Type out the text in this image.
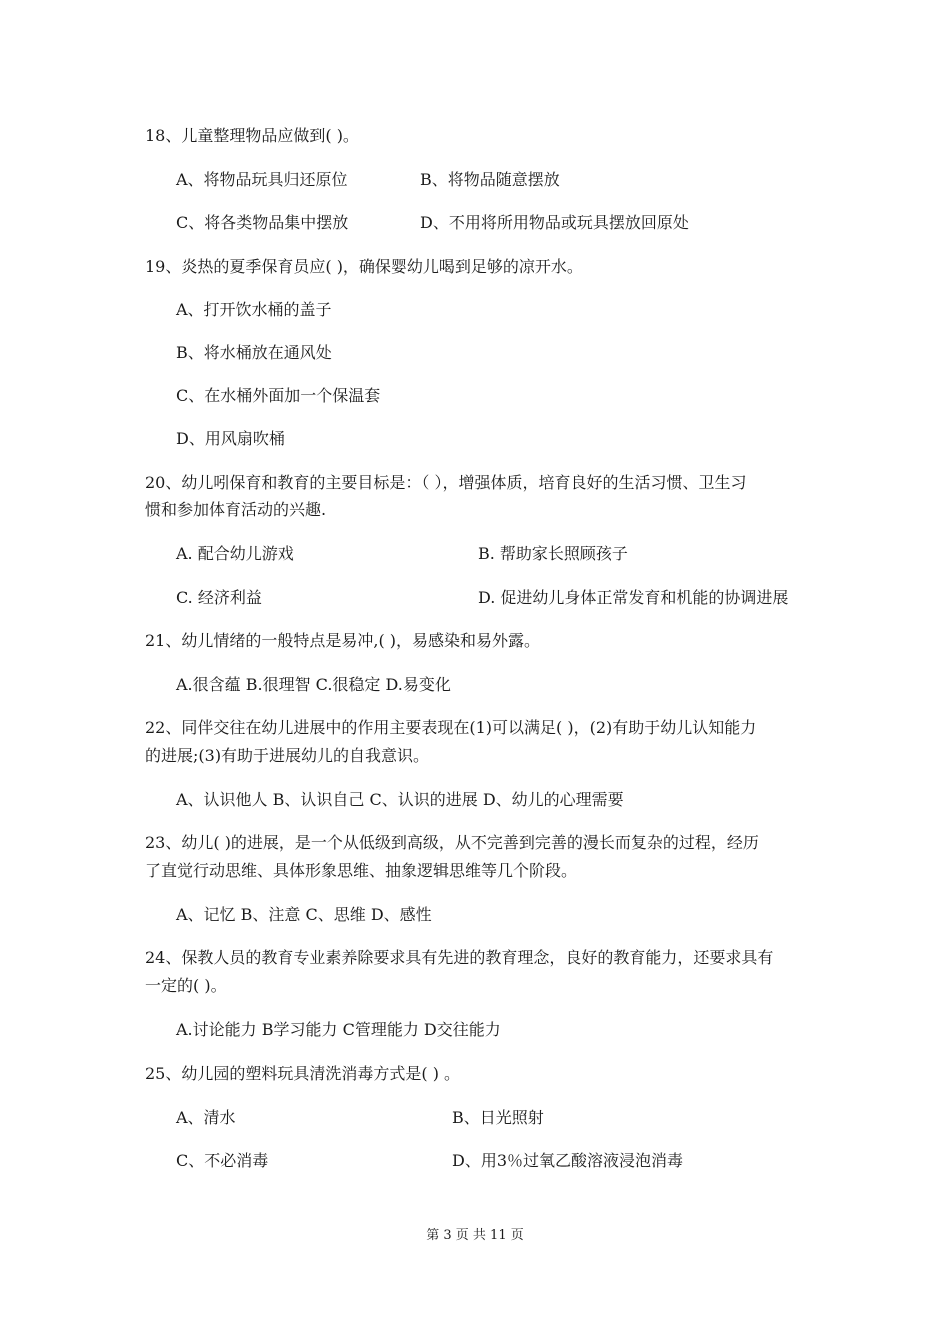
18、儿童整理物品应做到( )。
A、将物品玩具归还原位	B、将物品随意摆放
C、将各类物品集中摆放	D、不用将所用物品或玩具摆放回原处
19、炎热的夏季保育员应( )，确保婴幼儿喝到足够的凉开水。
A、打开饮水桶的盖子
B、将水桶放在通风处
C、在水桶外面加一个保温套
D、用风扇吹桶
20、幼儿吲保育和教育的主要目标是：（ ），增强体质，培育良好的生活习惯、卫生习
惯和参加体育活动的兴趣.
A. 配合幼儿游戏	B. 帮助家长照顾孩子
C. 经济利益	D. 促进幼儿身体正常发育和机能的协调进展
21、幼儿情绪的一般特点是易冲,( )，易感染和易外露。
A.很含蕴 B.很理智 C.很稳定 D.易变化
22、同伴交往在幼儿进展中的作用主要表现在(1)可以满足( )，(2)有助于幼儿认知能力
的进展;(3)有助于进展幼儿的自我意识。
A、认识他人 B、认识自己 C、认识的进展 D、幼儿的心理需要
23、幼儿( )的进展，是一个从低级到高级，从不完善到完善的漫长而复杂的过程，经历
了直觉行动思维、具体形象思维、抽象逻辑思维等几个阶段。
A、记忆 B、注意 C、思维 D、感性
24、保教人员的教育专业素养除要求具有先进的教育理念，良好的教育能力，还要求具有
一定的( )。
A.讨论能力 B学习能力 C管理能力 D交往能力
25、幼儿园的塑料玩具清洗消毒方式是( ) 。
A、清水	B、日光照射
C、不必消毒	D、用3％过氧乙酸溶液浸泡消毒
第 3 页 共 11 页
